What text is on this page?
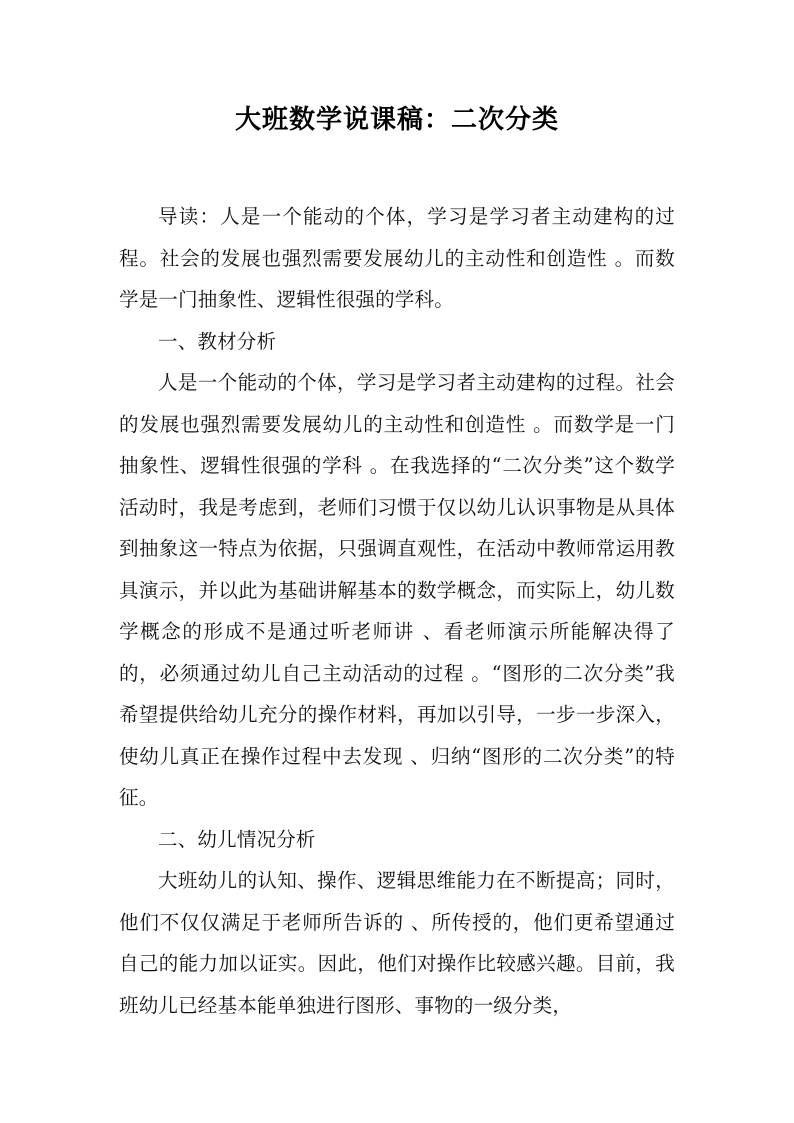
大班数学说课稿：二次分类

导读：人是一个能动的个体，学习是学习者主动建构的过程。社会的发展也强烈需要发展幼儿的主动性和创造性 。而数学是一门抽象性、逻辑性很强的学科。

一、教材分析

人是一个能动的个体，学习是学习者主动建构的过程。社会的发展也强烈需要发展幼儿的主动性和创造性 。而数学是一门抽象性、逻辑性很强的学科 。在我选择的“二次分类”这个数学活动时，我是考虑到，老师们习惯于仅以幼儿认识事物是从具体到抽象这一特点为依据，只强调直观性，在活动中教师常运用教具演示，并以此为基础讲解基本的数学概念，而实际上，幼儿数学概念的形成不是通过听老师讲 、看老师演示所能解决得了的，必须通过幼儿自己主动活动的过程 。“图形的二次分类”我希望提供给幼儿充分的操作材料，再加以引导，一步一步深入，使幼儿真正在操作过程中去发现 、归纳“图形的二次分类”的特征。

二、幼儿情况分析

大班幼儿的认知、操作、逻辑思维能力在不断提高；同时，他们不仅仅满足于老师所告诉的 、所传授的，他们更希望通过自己的能力加以证实。因此，他们对操作比较感兴趣。目前，我班幼儿已经基本能单独进行图形、事物的一级分类，
